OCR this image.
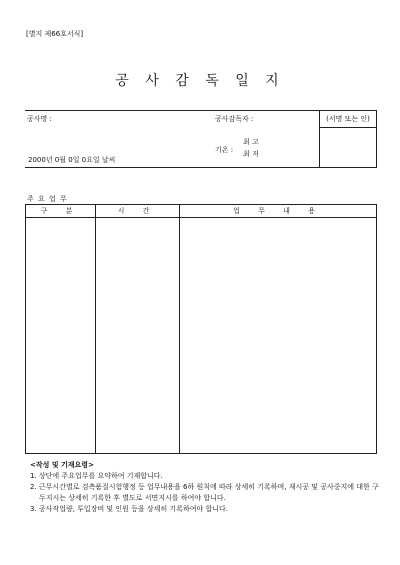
[별지 제66호서식]
공 사 감 독 일 지
공사명 :	공사감독자 :	(서명 또는 인)
기온 :
최 고
최 저
2000년 0월 0일 0요일 날씨
주 요 업 무
구 분	시 간	업 무 내 용
<작성 및 기재요령>
1. 상단에 주요업무를 요약하여 기재합니다.
2. 근무시간별로 검측품질시험행정 등 업무내용을 6하 원칙에 따라 상세히 기록하며, 재시공 및 공사중지에 대한 구두지시는 상세히 기록한 후 별도로 서면지시를 하여야 합니다.
3. 공사작업량, 투입장비 및 인원 등을 상세히 기록하여야 합니다.
